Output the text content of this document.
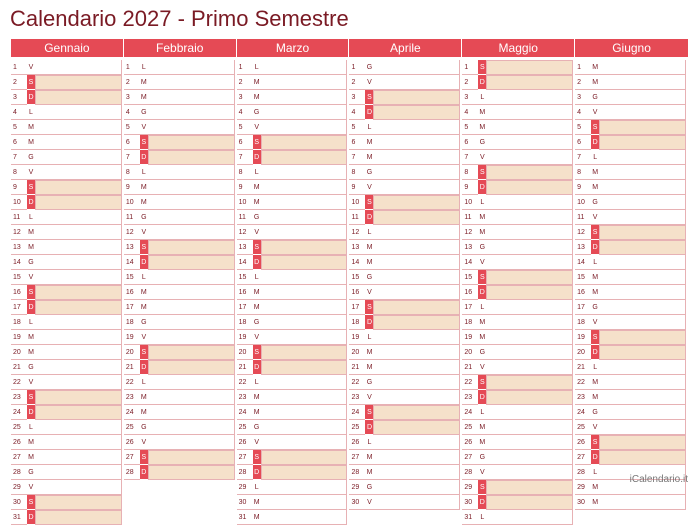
Calendario 2027 - Primo Semestre
Gennaio
1	V
2	S
3	D
4	L
5	M
6	M
7	G
8	V
9	S
10	D
11	L
12	M
13	M
14	G
15	V
16	S
17	D
18	L
19	M
20	M
21	G
22	V
23	S
24	D
25	L
26	M
27	M
28	G
29	V
30	S
31	D
Febbraio
1	L
2	M
3	M
4	G
5	V
6	S
7	D
8	L
9	M
10	M
11	G
12	V
13	S
14	D
15	L
16	M
17	M
18	G
19	V
20	S
21	D
22	L
23	M
24	M
25	G
26	V
27	S
28	D
Marzo
1	L
2	M
3	M
4	G
5	V
6	S
7	D
8	L
9	M
10	M
11	G
12	V
13	S
14	D
15	L
16	M
17	M
18	G
19	V
20	S
21	D
22	L
23	M
24	M
25	G
26	V
27	S
28	D
29	L
30	M
31	M
Aprile
1	G
2	V
3	S
4	D
5	L
6	M
7	M
8	G
9	V
10	S
11	D
12	L
13	M
14	M
15	G
16	V
17	S
18	D
19	L
20	M
21	M
22	G
23	V
24	S
25	D
26	L
27	M
28	M
29	G
30	V
Maggio
1	S
2	D
3	L
4	M
5	M
6	G
7	V
8	S
9	D
10	L
11	M
12	M
13	G
14	V
15	S
16	D
17	L
18	M
19	M
20	G
21	V
22	S
23	D
24	L
25	M
26	M
27	G
28	V
29	S
30	D
31	L
Giugno
1	M
2	M
3	G
4	V
5	S
6	D
7	L
8	M
9	M
10	G
11	V
12	S
13	D
14	L
15	M
16	M
17	G
18	V
19	S
20	D
21	L
22	M
23	M
24	G
25	V
26	S
27	D
28	L
29	M
30	M
iCalendario.it
